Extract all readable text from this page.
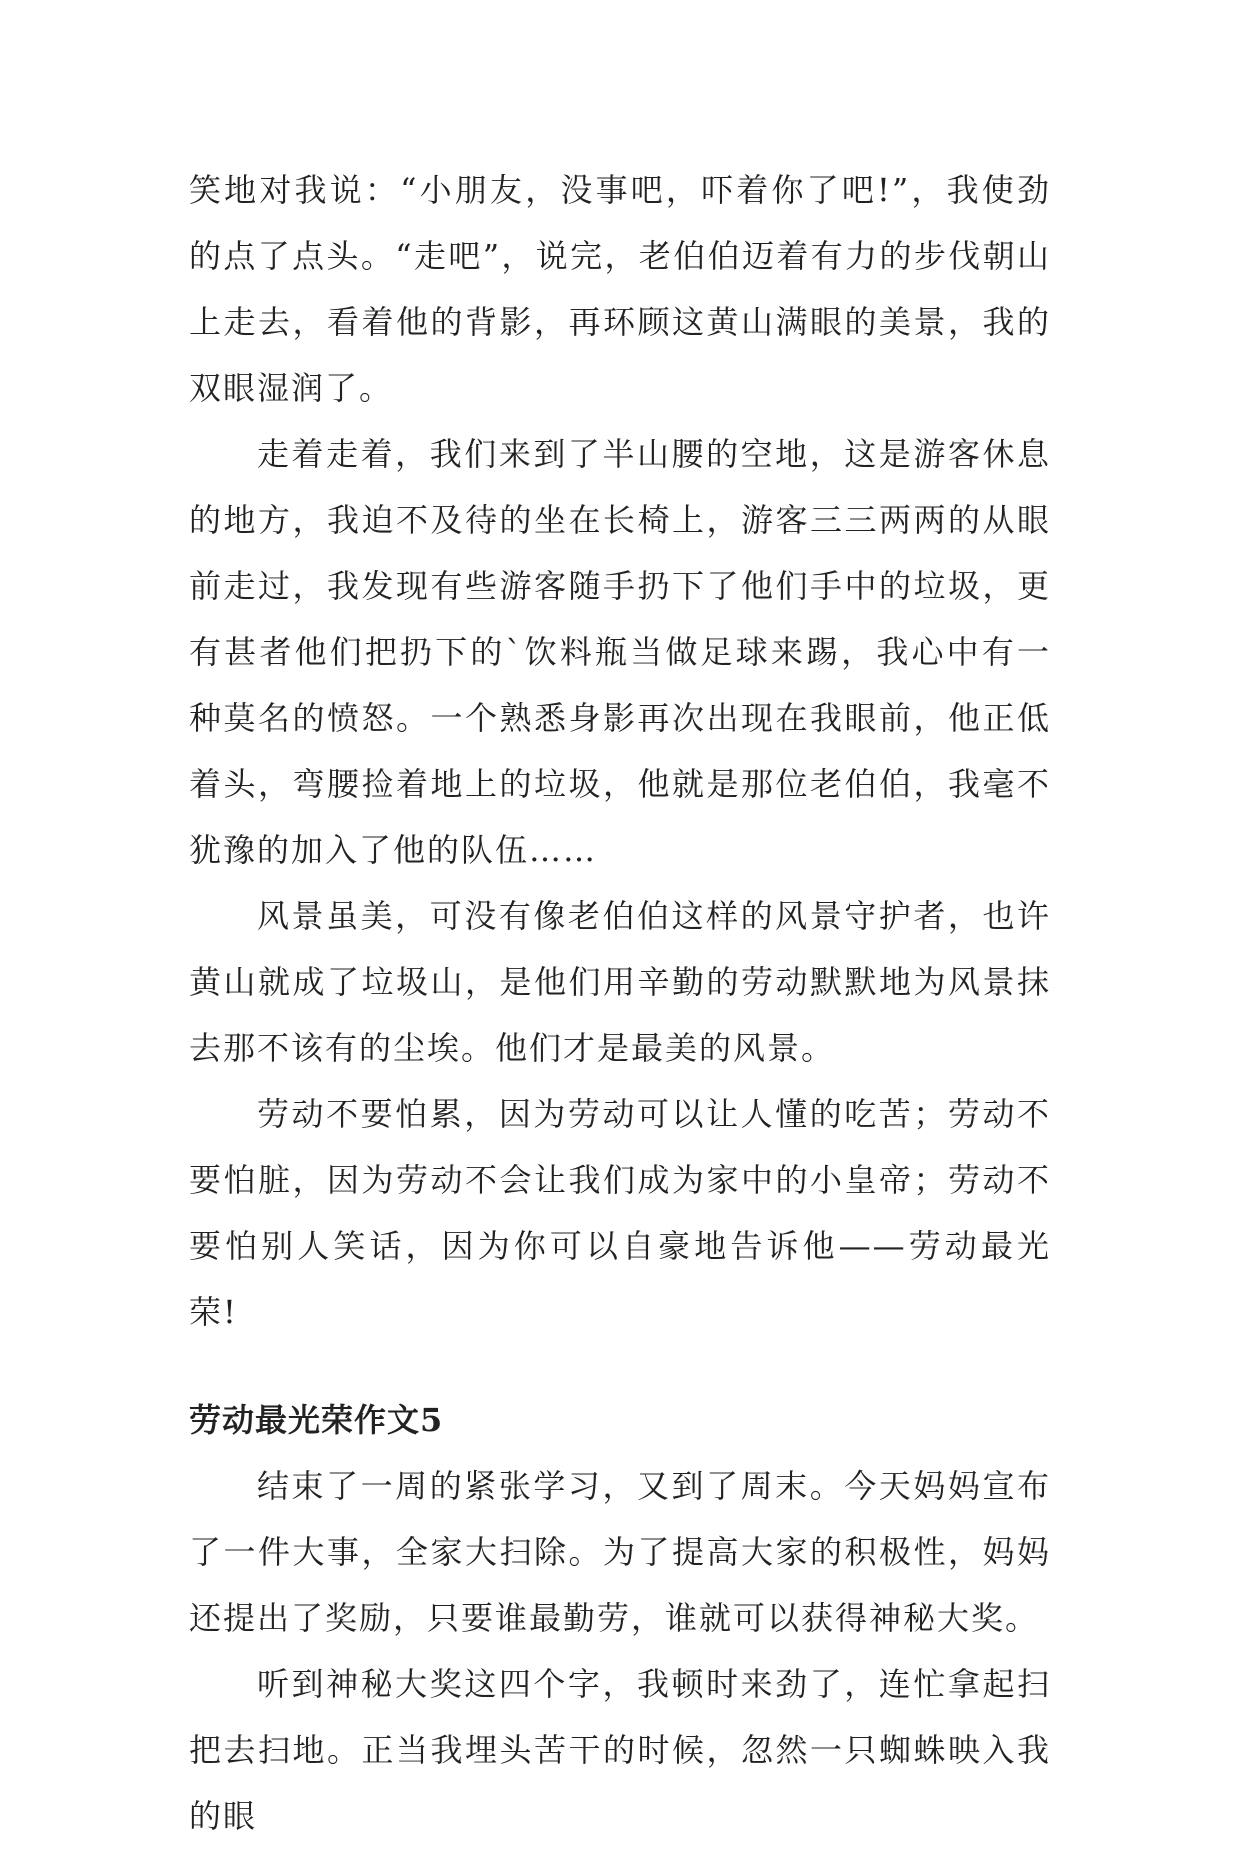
笑地对我说：“小朋友，没事吧，吓着你了吧!”，我使劲的点了点头。“走吧”，说完，老伯伯迈着有力的步伐朝山上走去，看着他的背影，再环顾这黄山满眼的美景，我的双眼湿润了。

走着走着，我们来到了半山腰的空地，这是游客休息的地方，我迫不及待的坐在长椅上，游客三三两两的从眼前走过，我发现有些游客随手扔下了他们手中的垃圾，更有甚者他们把扔下的`饮料瓶当做足球来踢，我心中有一种莫名的愤怒。一个熟悉身影再次出现在我眼前，他正低着头，弯腰捡着地上的垃圾，他就是那位老伯伯，我毫不犹豫的加入了他的队伍……

风景虽美，可没有像老伯伯这样的风景守护者，也许黄山就成了垃圾山，是他们用辛勤的劳动默默地为风景抹去那不该有的尘埃。他们才是最美的风景。

劳动不要怕累，因为劳动可以让人懂的吃苦；劳动不要怕脏，因为劳动不会让我们成为家中的小皇帝；劳动不要怕别人笑话，因为你可以自豪地告诉他——劳动最光荣!

劳动最光荣作文5

结束了一周的紧张学习，又到了周末。今天妈妈宣布了一件大事，全家大扫除。为了提高大家的积极性，妈妈还提出了奖励，只要谁最勤劳，谁就可以获得神秘大奖。

听到神秘大奖这四个字，我顿时来劲了，连忙拿起扫把去扫地。正当我埋头苦干的时候，忽然一只蜘蛛映入我的眼
